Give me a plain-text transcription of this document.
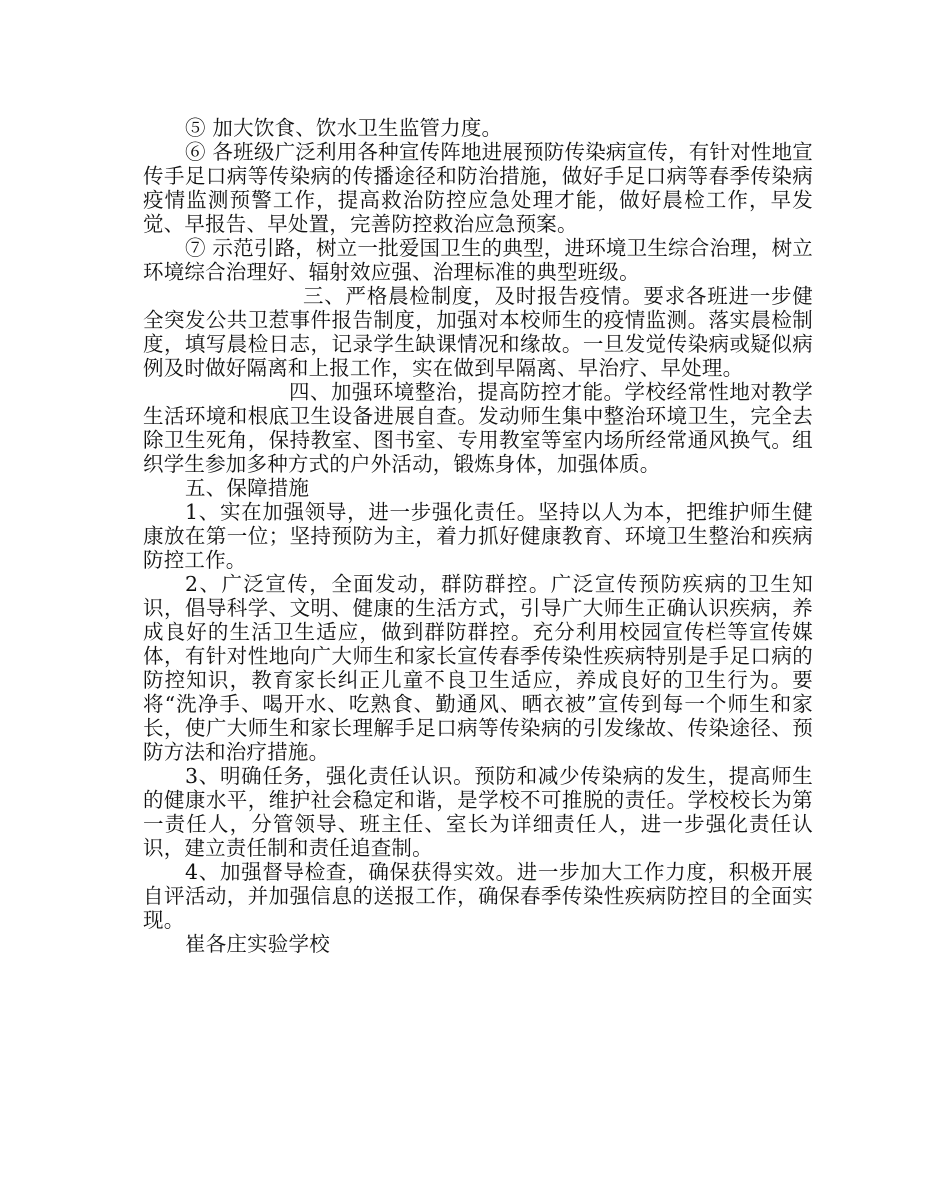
⑤ 加大饮食、饮水卫生监管力度。

⑥ 各班级广泛利用各种宣传阵地进展预防传染病宣传，有针对性地宣传手足口病等传染病的传播途径和防治措施，做好手足口病等春季传染病疫情监测预警工作，提高救治防控应急处理才能，做好晨检工作，早发觉、早报告、早处置，完善防控救治应急预案。

⑦ 示范引路，树立一批爱国卫生的典型，进环境卫生综合治理，树立环境综合治理好、辐射效应强、治理标准的典型班级。

三、严格晨检制度，及时报告疫情。要求各班进一步健全突发公共卫惹事件报告制度，加强对本校师生的疫情监测。落实晨检制度，填写晨检日志，记录学生缺课情况和缘故。一旦发觉传染病或疑似病例及时做好隔离和上报工作，实在做到早隔离、早治疗、早处理。

四、加强环境整治，提高防控才能。学校经常性地对教学生活环境和根底卫生设备进展自查。发动师生集中整治环境卫生，完全去除卫生死角，保持教室、图书室、专用教室等室内场所经常通风换气。组织学生参加多种方式的户外活动，锻炼身体，加强体质。

五、保障措施

1、实在加强领导，进一步强化责任。坚持以人为本，把维护师生健康放在第一位；坚持预防为主，着力抓好健康教育、环境卫生整治和疾病防控工作。

2、广泛宣传，全面发动，群防群控。广泛宣传预防疾病的卫生知识，倡导科学、文明、健康的生活方式，引导广大师生正确认识疾病，养成良好的生活卫生适应，做到群防群控。充分利用校园宣传栏等宣传媒体，有针对性地向广大师生和家长宣传春季传染性疾病特别是手足口病的防控知识，教育家长纠正儿童不良卫生适应，养成良好的卫生行为。要将“洗净手、喝开水、吃熟食、勤通风、晒衣被”宣传到每一个师生和家长，使广大师生和家长理解手足口病等传染病的引发缘故、传染途径、预防方法和治疗措施。

3、明确任务，强化责任认识。预防和减少传染病的发生，提高师生的健康水平，维护社会稳定和谐，是学校不可推脱的责任。学校校长为第一责任人，分管领导、班主任、室长为详细责任人，进一步强化责任认识，建立责任制和责任追查制。

4、加强督导检查，确保获得实效。进一步加大工作力度，积极开展自评活动，并加强信息的送报工作，确保春季传染性疾病防控目的全面实现。

崔各庄实验学校
